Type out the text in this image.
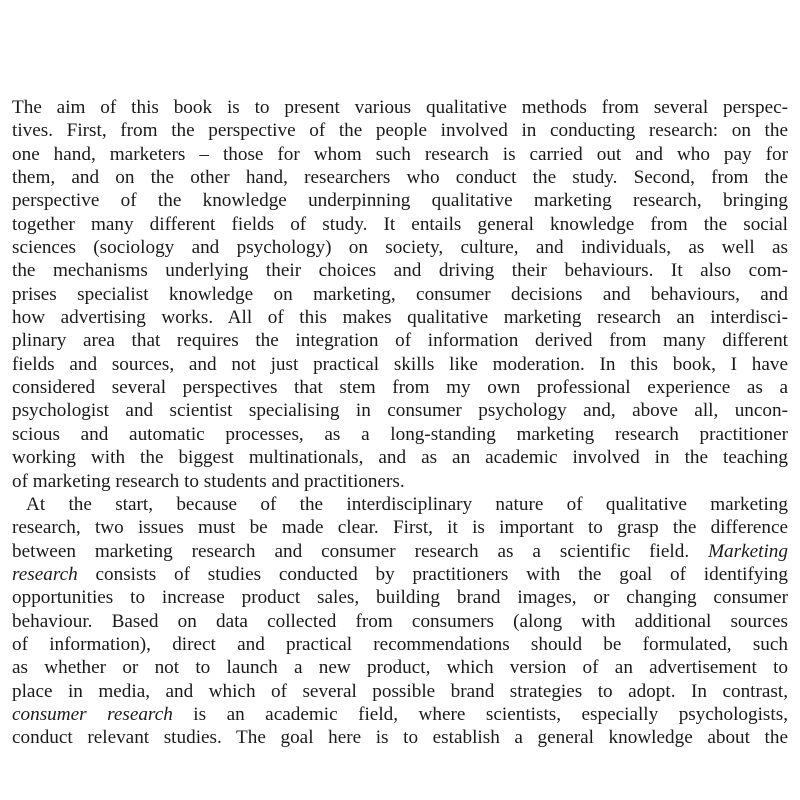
The aim of this book is to present various qualitative methods from several perspec-
tives. First, from the perspective of the people involved in conducting research: on the
one hand, marketers – those for whom such research is carried out and who pay for
them, and on the other hand, researchers who conduct the study. Second, from the
perspective of the knowledge underpinning qualitative marketing research, bringing
together many different fields of study. It entails general knowledge from the social
sciences (sociology and psychology) on society, culture, and individuals, as well as
the mechanisms underlying their choices and driving their behaviours. It also com-
prises specialist knowledge on marketing, consumer decisions and behaviours, and
how advertising works. All of this makes qualitative marketing research an interdisci-
plinary area that requires the integration of information derived from many different
fields and sources, and not just practical skills like moderation. In this book, I have
considered several perspectives that stem from my own professional experience as a
psychologist and scientist specialising in consumer psychology and, above all, uncon-
scious and automatic processes, as a long-standing marketing research practitioner
working with the biggest multinationals, and as an academic involved in the teaching
of marketing research to students and practitioners.
At the start, because of the interdisciplinary nature of qualitative marketing
research, two issues must be made clear. First, it is important to grasp the difference
between marketing research and consumer research as a scientific field. Marketing
research consists of studies conducted by practitioners with the goal of identifying
opportunities to increase product sales, building brand images, or changing consumer
behaviour. Based on data collected from consumers (along with additional sources
of information), direct and practical recommendations should be formulated, such
as whether or not to launch a new product, which version of an advertisement to
place in media, and which of several possible brand strategies to adopt. In contrast,
consumer research is an academic field, where scientists, especially psychologists,
conduct relevant studies. The goal here is to establish a general knowledge about the
